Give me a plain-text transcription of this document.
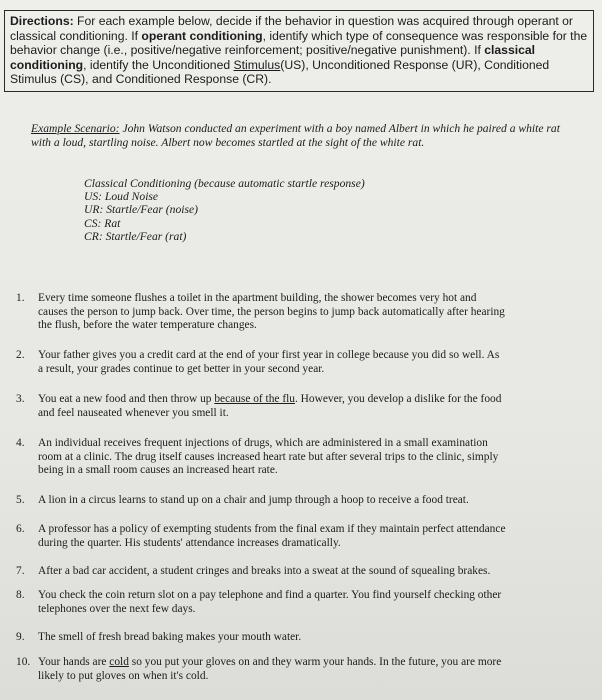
Directions: For each example below, decide if the behavior in question was acquired through operant or classical conditioning. If operant conditioning, identify which type of consequence was responsible for the behavior change (i.e., positive/negative reinforcement; positive/negative punishment). If classical conditioning, identify the Unconditioned Stimulus(US), Unconditioned Response (UR), Conditioned Stimulus (CS), and Conditioned Response (CR).
Example Scenario: John Watson conducted an experiment with a boy named Albert in which he paired a white rat with a loud, startling noise. Albert now becomes startled at the sight of the white rat.
Classical Conditioning (because automatic startle response)
US: Loud Noise
UR: Startle/Fear (noise)
CS: Rat
CR: Startle/Fear (rat)
1. Every time someone flushes a toilet in the apartment building, the shower becomes very hot and
causes the person to jump back. Over time, the person begins to jump back automatically after hearing
the flush, before the water temperature changes.
2. Your father gives you a credit card at the end of your first year in college because you did so well. As
a result, your grades continue to get better in your second year.
3. You eat a new food and then throw up because of the flu. However, you develop a dislike for the food
and feel nauseated whenever you smell it.
4. An individual receives frequent injections of drugs, which are administered in a small examination
room at a clinic. The drug itself causes increased heart rate but after several trips to the clinic, simply
being in a small room causes an increased heart rate.
5. A lion in a circus learns to stand up on a chair and jump through a hoop to receive a food treat.
6. A professor has a policy of exempting students from the final exam if they maintain perfect attendance
during the quarter. His students' attendance increases dramatically.
7. After a bad car accident, a student cringes and breaks into a sweat at the sound of squealing brakes.
8. You check the coin return slot on a pay telephone and find a quarter. You find yourself checking other
telephones over the next few days.
9. The smell of fresh bread baking makes your mouth water.
10. Your hands are cold so you put your gloves on and they warm your hands. In the future, you are more
likely to put gloves on when it's cold.
